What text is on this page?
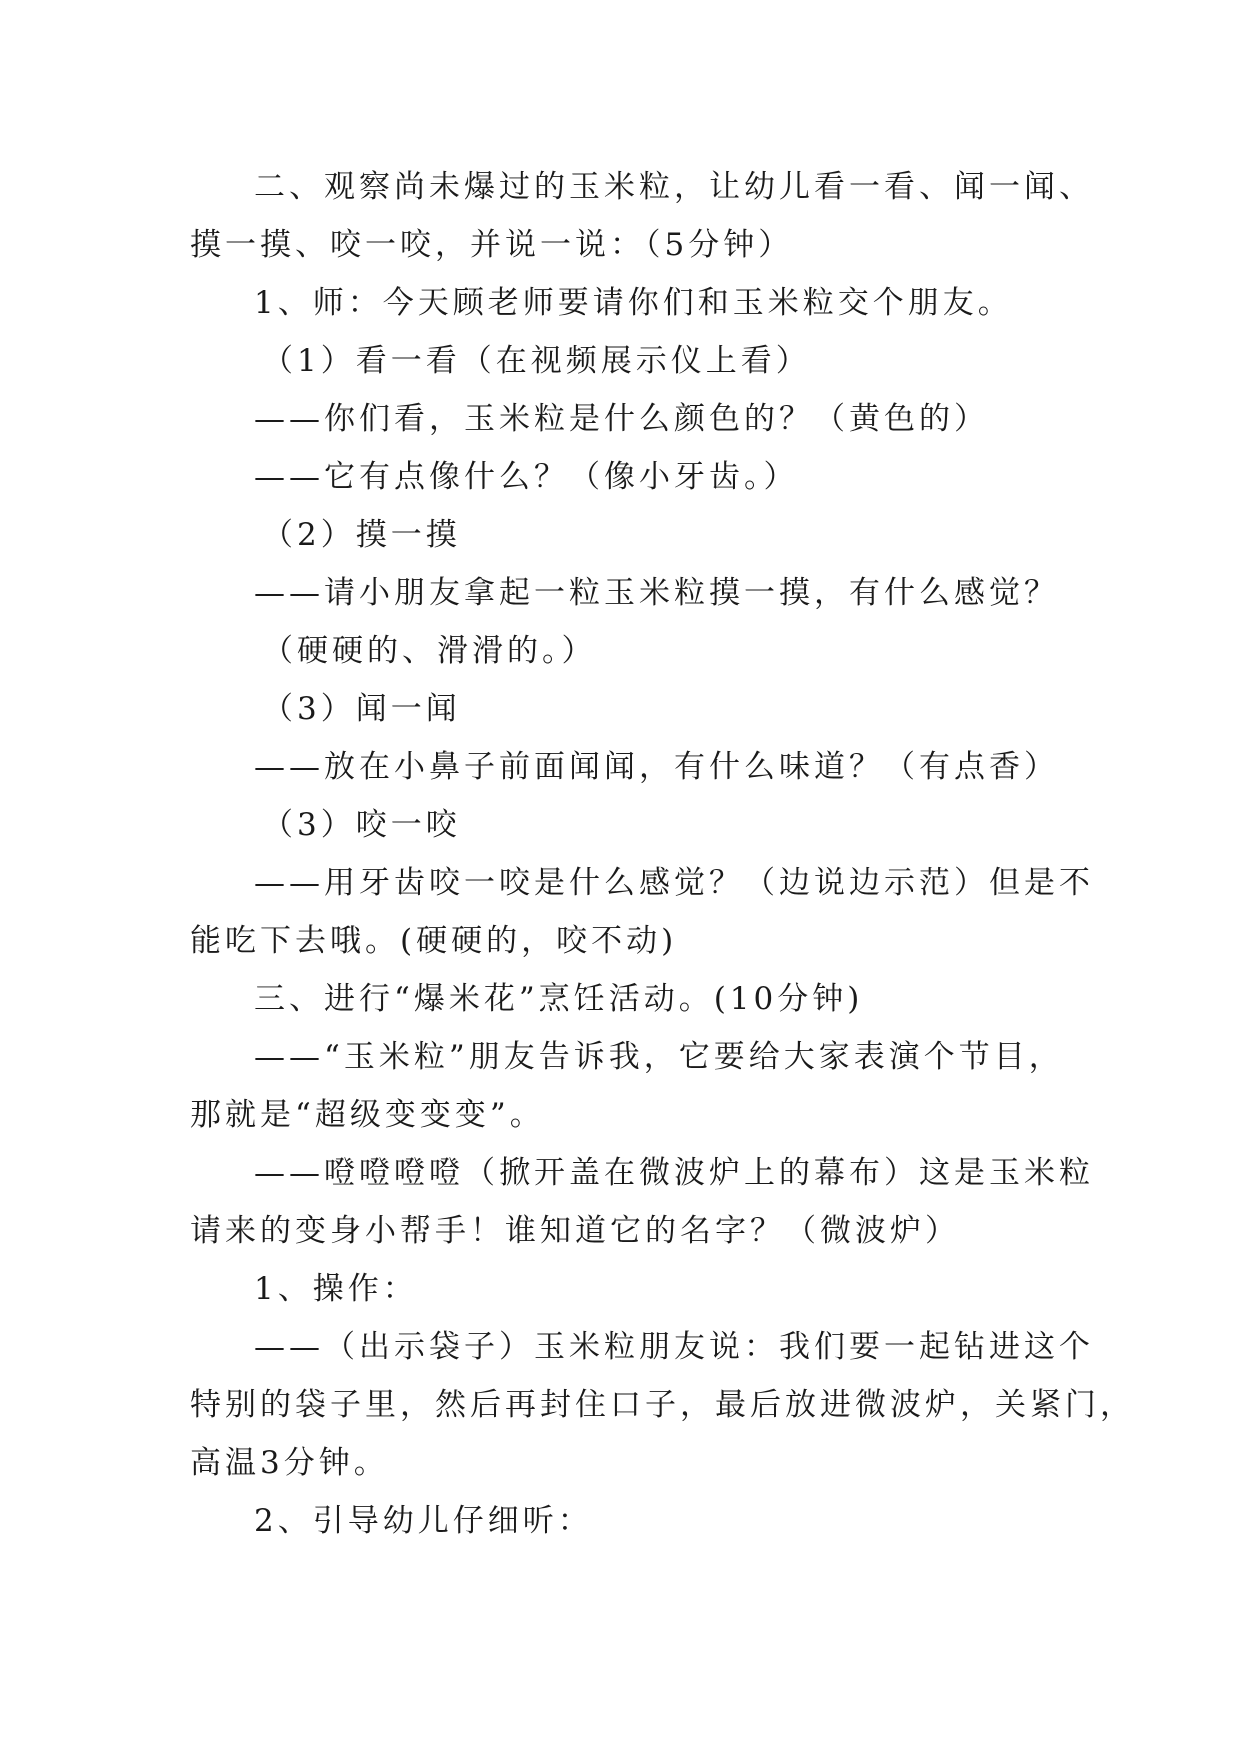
二、观察尚未爆过的玉米粒，让幼儿看一看、闻一闻、
摸一摸、咬一咬，并说一说：（5分钟）
1、师：今天顾老师要请你们和玉米粒交个朋友。
（1）看一看（在视频展示仪上看）
——你们看，玉米粒是什么颜色的？（黄色的）
——它有点像什么？（像小牙齿。）
（2）摸一摸
——请小朋友拿起一粒玉米粒摸一摸，有什么感觉？
（硬硬的、滑滑的。）
（3）闻一闻
——放在小鼻子前面闻闻，有什么味道？（有点香）
（3）咬一咬
——用牙齿咬一咬是什么感觉？（边说边示范）但是不
能吃下去哦。(硬硬的，咬不动)
三、进行“爆米花”烹饪活动。(10分钟)
——“玉米粒”朋友告诉我，它要给大家表演个节目，
那就是“超级变变变”。
——噔噔噔噔（掀开盖在微波炉上的幕布）这是玉米粒
请来的变身小帮手！谁知道它的名字？（微波炉）
1、操作：
——（出示袋子）玉米粒朋友说：我们要一起钻进这个
特别的袋子里，然后再封住口子，最后放进微波炉，关紧门，
高温3分钟。
2、引导幼儿仔细听：
